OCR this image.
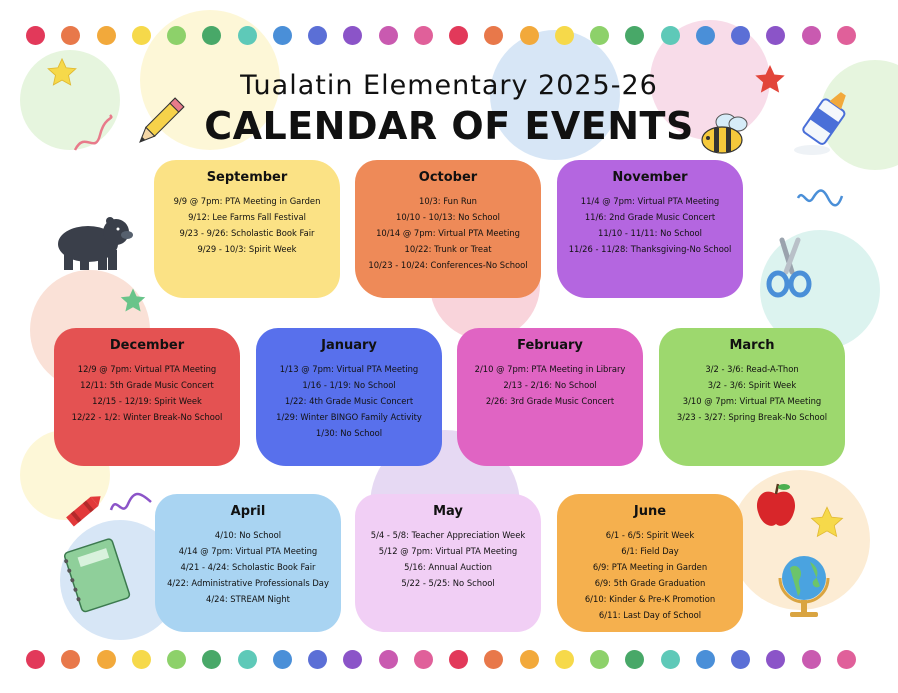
Tualatin Elementary 2025-26
CALENDAR OF EVENTS
September
9/9 @ 7pm: PTA Meeting in Garden
9/12: Lee Farms Fall Festival
9/23 - 9/26: Scholastic Book Fair
9/29 - 10/3: Spirit Week
October
10/3: Fun Run
10/10 - 10/13: No School
10/14 @ 7pm: Virtual PTA Meeting
10/22: Trunk or Treat
10/23 - 10/24: Conferences-No School
November
11/4 @ 7pm: Virtual PTA Meeting
11/6: 2nd Grade Music Concert
11/10 - 11/11: No School
11/26 - 11/28: Thanksgiving-No School
December
12/9 @ 7pm: Virtual PTA Meeting
12/11: 5th Grade Music Concert
12/15 - 12/19: Spirit Week
12/22 - 1/2: Winter Break-No School
January
1/13 @ 7pm: Virtual PTA Meeting
1/16 - 1/19: No School
1/22: 4th Grade Music Concert
1/29: Winter BINGO Family Activity
1/30: No School
February
2/10 @ 7pm: PTA Meeting in Library
2/13 - 2/16: No School
2/26: 3rd Grade Music Concert
March
3/2 - 3/6: Read-A-Thon
3/2 - 3/6: Spirit Week
3/10 @ 7pm: Virtual PTA Meeting
3/23 - 3/27: Spring Break-No School
April
4/10: No School
4/14 @ 7pm: Virtual PTA Meeting
4/21 - 4/24: Scholastic Book Fair
4/22: Administrative Professionals Day
4/24: STREAM Night
May
5/4 - 5/8: Teacher Appreciation Week
5/12 @ 7pm: Virtual PTA Meeting
5/16: Annual Auction
5/22 - 5/25: No School
June
6/1 - 6/5: Spirit Week
6/1: Field Day
6/9: PTA Meeting in Garden
6/9: 5th Grade Graduation
6/10: Kinder & Pre-K Promotion
6/11: Last Day of School
